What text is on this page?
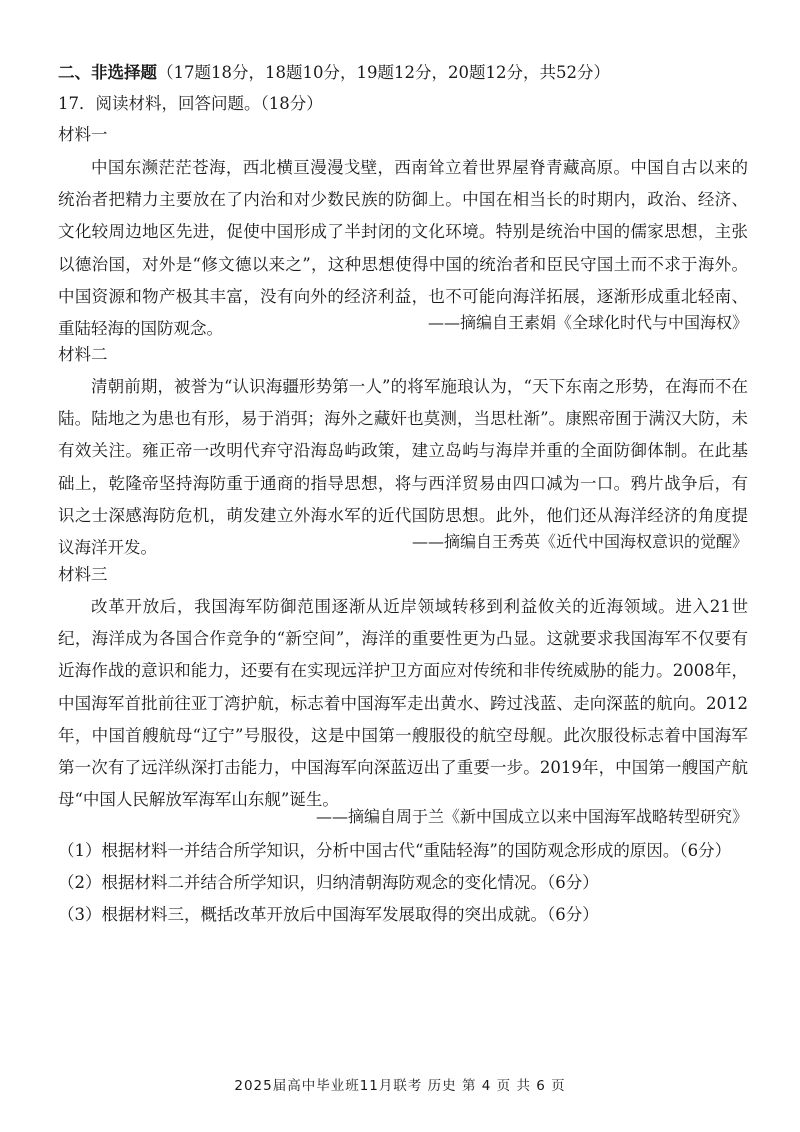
二、非选择题（17题18分，18题10分，19题12分，20题12分，共52分）
17．阅读材料，回答问题。（18分）
材料一
中国东濒茫茫苍海，西北横亘漫漫戈壁，西南耸立着世界屋脊青藏高原。中国自古以来的统治者把精力主要放在了内治和对少数民族的防御上。中国在相当长的时期内，政治、经济、文化较周边地区先进，促使中国形成了半封闭的文化环境。特别是统治中国的儒家思想，主张以德治国，对外是“修文德以来之”，这种思想使得中国的统治者和臣民守国土而不求于海外。中国资源和物产极其丰富，没有向外的经济利益，也不可能向海洋拓展，逐渐形成重北轻南、重陆轻海的国防观念。	——摘编自王素娟《全球化时代与中国海权》
材料二
清朝前期，被誉为“认识海疆形势第一人”的将军施琅认为，“天下东南之形势，在海而不在陆。陆地之为患也有形，易于消弭；海外之藏奸也莫测，当思杜渐”。康熙帝囿于满汉大防，未有效关注。雍正帝一改明代弃守沿海岛屿政策，建立岛屿与海岸并重的全面防御体制。在此基础上，乾隆帝坚持海防重于通商的指导思想，将与西洋贸易由四口减为一口。鸦片战争后，有识之士深感海防危机，萌发建立外海水军的近代国防思想。此外，他们还从海洋经济的角度提议海洋开发。	——摘编自王秀英《近代中国海权意识的觉醒》
材料三
改革开放后，我国海军防御范围逐渐从近岸领域转移到利益攸关的近海领域。进入21世纪，海洋成为各国合作竞争的“新空间”，海洋的重要性更为凸显。这就要求我国海军不仅要有近海作战的意识和能力，还要有在实现远洋护卫方面应对传统和非传统威胁的能力。2008年，中国海军首批前往亚丁湾护航，标志着中国海军走出黄水、跨过浅蓝、走向深蓝的航向。2012年，中国首艘航母“辽宁”号服役，这是中国第一艘服役的航空母舰。此次服役标志着中国海军第一次有了远洋纵深打击能力，中国海军向深蓝迈出了重要一步。2019年，中国第一艘国产航母“中国人民解放军海军山东舰”诞生。
——摘编自周于兰《新中国成立以来中国海军战略转型研究》
（1）根据材料一并结合所学知识，分析中国古代“重陆轻海”的国防观念形成的原因。（6分）
（2）根据材料二并结合所学知识，归纳清朝海防观念的变化情况。（6分）
（3）根据材料三，概括改革开放后中国海军发展取得的突出成就。（6分）
2025届高中毕业班11月联考 历史 第 4 页 共 6 页
